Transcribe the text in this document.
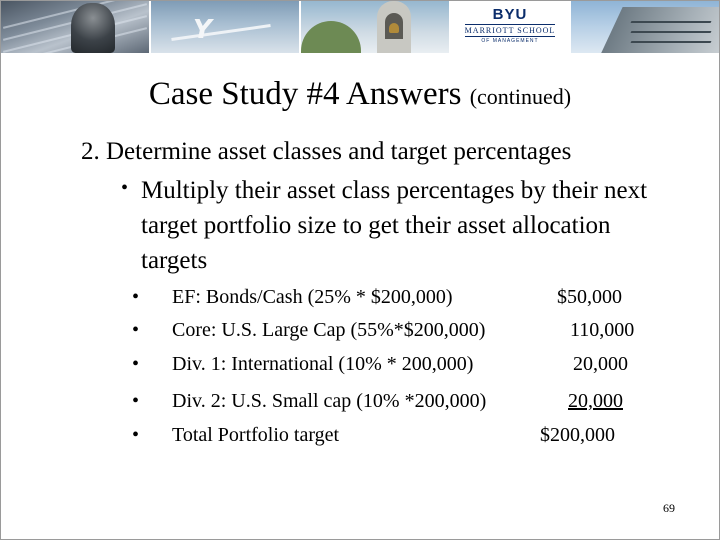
Y
BYU
MARRIOTT SCHOOL
OF MANAGEMENT
Case Study #4 Answers (continued)
2. Determine asset classes and target percentages
• Multiply their asset class percentages by their next target portfolio size to get their asset allocation targets
• EF: Bonds/Cash (25% * $200,000)	$50,000
• Core: U.S. Large Cap (55%*$200,000)	110,000
• Div. 1: International (10% * 200,000)	20,000
• Div. 2: U.S. Small cap (10% *200,000)	20,000
• Total Portfolio target	$200,000
69
